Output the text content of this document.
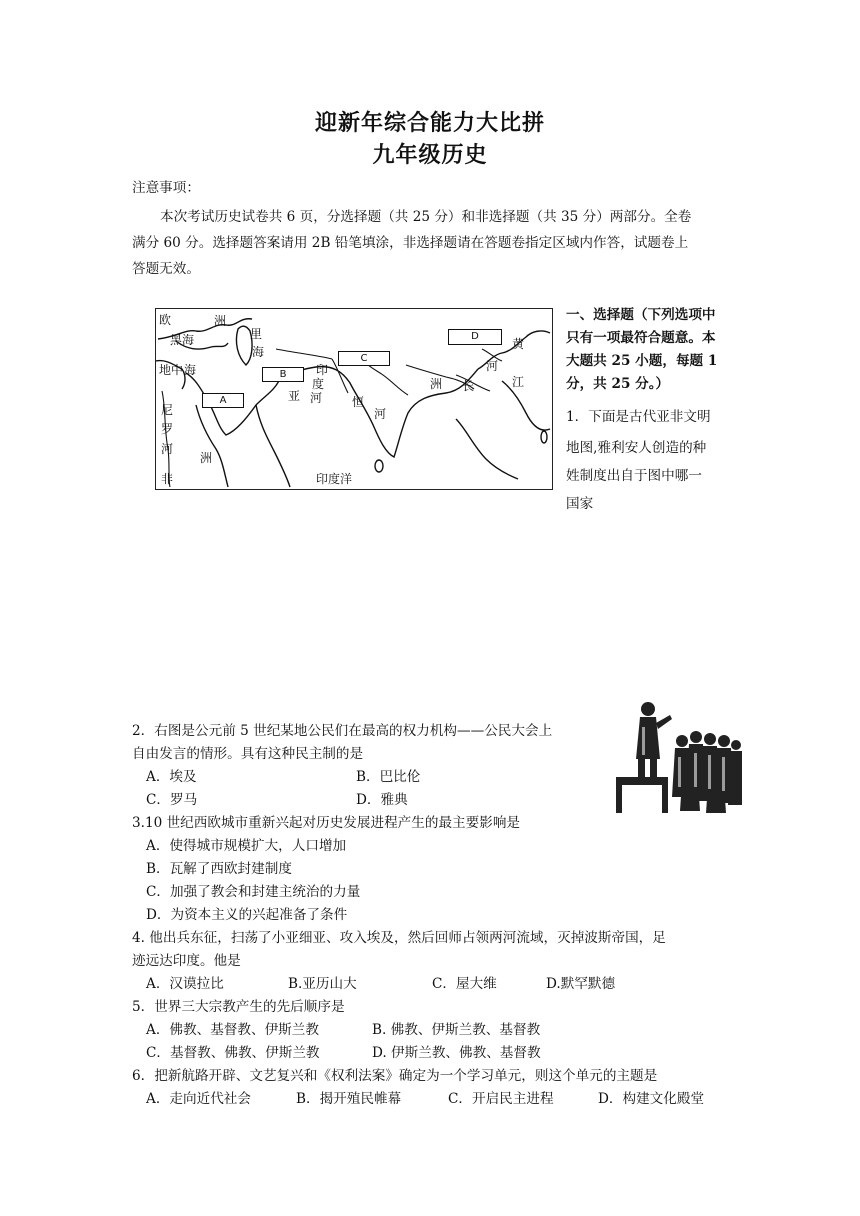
迎新年综合能力大比拼
九年级历史
注意事项：
本次考试历史试卷共 6 页，分选择题（共 25 分）和非选择题（共 35 分）两部分。全卷
满分 60 分。选择题答案请用 2B 铅笔填涂，非选择题请在答题卷指定区域内作答，试题卷上
答题无效。
欧	洲
黑海	里
海
地中 海
尼
罗
河
非
洲
亚
印
度
河 恒
河
印度洋
黄
河
江
长
洲
A
B
C
D
一、选择题（下列选项中
只有一项最符合题意。本
大题共 25 小题，每题 1
分，共 25 分。）
1．下面是古代亚非文明
地图,雅利安人创造的种
姓制度出自于图中哪一
国家
2．右图是公元前 5 世纪某地公民们在最高的权力机构——公民大会上
自由发言的情形。具有这种民主制的是
A．埃及	B．巴比伦
C．罗马	D．雅典
3.10 世纪西欧城市重新兴起对历史发展进程产生的最主要影响是
A．使得城市规模扩大，人口增加
B．瓦解了西欧封建制度
C．加强了教会和封建主统治的力量
D．为资本主义的兴起准备了条件
4. 他出兵东征，扫荡了小亚细亚、攻入埃及，然后回师占领两河流域，灭掉波斯帝国，足
迹远达印度。他是
A．汉谟拉比	B.亚历山大	C．屋大维	D.默罕默德
5．世界三大宗教产生的先后顺序是
A．佛教、基督教、伊斯兰教	B. 佛教、伊斯兰教、基督教
C．基督教、佛教、伊斯兰教	D. 伊斯兰教、佛教、基督教
6．把新航路开辟、文艺复兴和《权利法案》确定为一个学习单元，则这个单元的主题是
A．走向近代社会	B．揭开殖民帷幕	C．开启民主进程	D．构建文化殿堂
